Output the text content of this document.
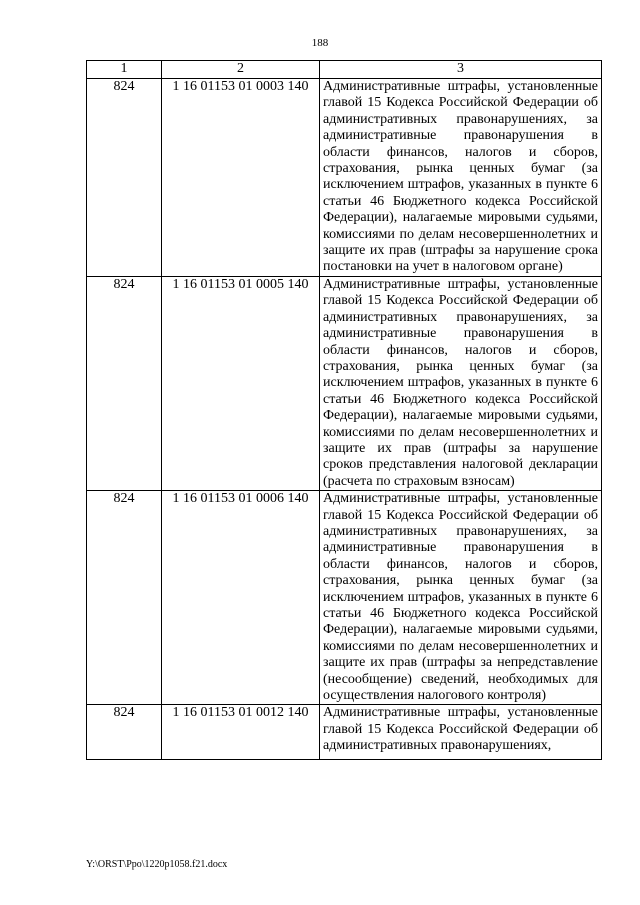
188
1	2	3
824	1 16 01153 01 0003 140	Административные штрафы, установленные главой 15 Кодекса Российской Федерации об административных правонарушениях, за административные правонарушения в области финансов, налогов и сборов, страхования, рынка ценных бумаг (за исключением штрафов, указанных в пункте 6 статьи 46 Бюджетного кодекса Российской Федерации), налагаемые мировыми судьями, комиссиями по делам несовершеннолетних и защите их прав (штрафы за нарушение срока постановки на учет в налоговом органе)

824	1 16 01153 01 0005 140	Административные штрафы, установленные главой 15 Кодекса Российской Федерации об административных правонарушениях, за административные правонарушения в области финансов, налогов и сборов, страхования, рынка ценных бумаг (за исключением штрафов, указанных в пункте 6 статьи 46 Бюджетного кодекса Российской Федерации), налагаемые мировыми судьями, комиссиями по делам несовершеннолетних и защите их прав (штрафы за нарушение сроков представления налоговой декларации (расчета по страховым взносам)

824	1 16 01153 01 0006 140	Административные штрафы, установленные главой 15 Кодекса Российской Федерации об административных правонарушениях, за административные правонарушения в области финансов, налогов и сборов, страхования, рынка ценных бумаг (за исключением штрафов, указанных в пункте 6 статьи 46 Бюджетного кодекса Российской Федерации), налагаемые мировыми судьями, комиссиями по делам несовершеннолетних и защите их прав (штрафы за непредставление (несообщение) сведений, необходимых для осуществления налогового контроля)

824	1 16 01153 01 0012 140	Административные штрафы, установленные главой 15 Кодекса Российской Федерации об административных правонарушениях,
Y:\ORST\Ppo\1220p1058.f21.docx
